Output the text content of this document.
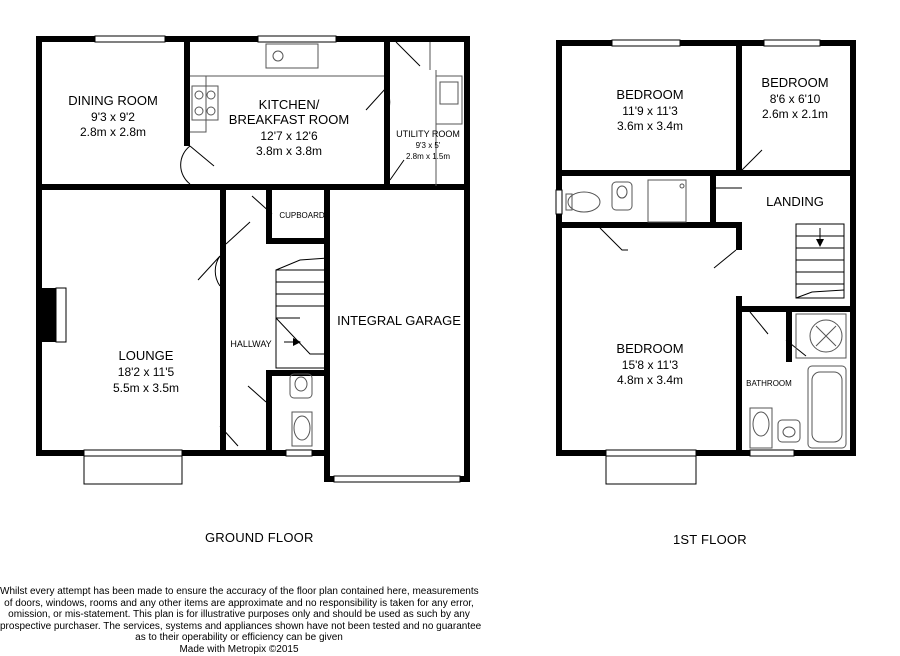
DINING ROOM
9'3 x 9'2
2.8m x 2.8m
KITCHEN/
BREAKFAST ROOM
12'7 x 12'6
3.8m x 3.8m
UTILITY ROOM
9'3 x 5'
2.8m x 1.5m
CUPBOARD
LOUNGE
18'2 x 11'5
5.5m x 3.5m
HALLWAY
INTEGRAL GARAGE
BEDROOM
11'9 x 11'3
3.6m x 3.4m
BEDROOM
8'6 x 6'10
2.6m x 2.1m
LANDING
BEDROOM
15'8 x 11'3
4.8m x 3.4m	BATHROOM
GROUND FLOOR	1ST FLOOR
Whilst every attempt has been made to ensure the accuracy of the floor plan contained here, measurements
of doors, windows, rooms and any other items are approximate and no responsibility is taken for any error,
omission, or mis-statement. This plan is for illustrative purposes only and should be used as such by any
prospective purchaser. The services, systems and appliances shown have not been tested and no guarantee
as to their operability or efficiency can be given
Made with Metropix ©2015
